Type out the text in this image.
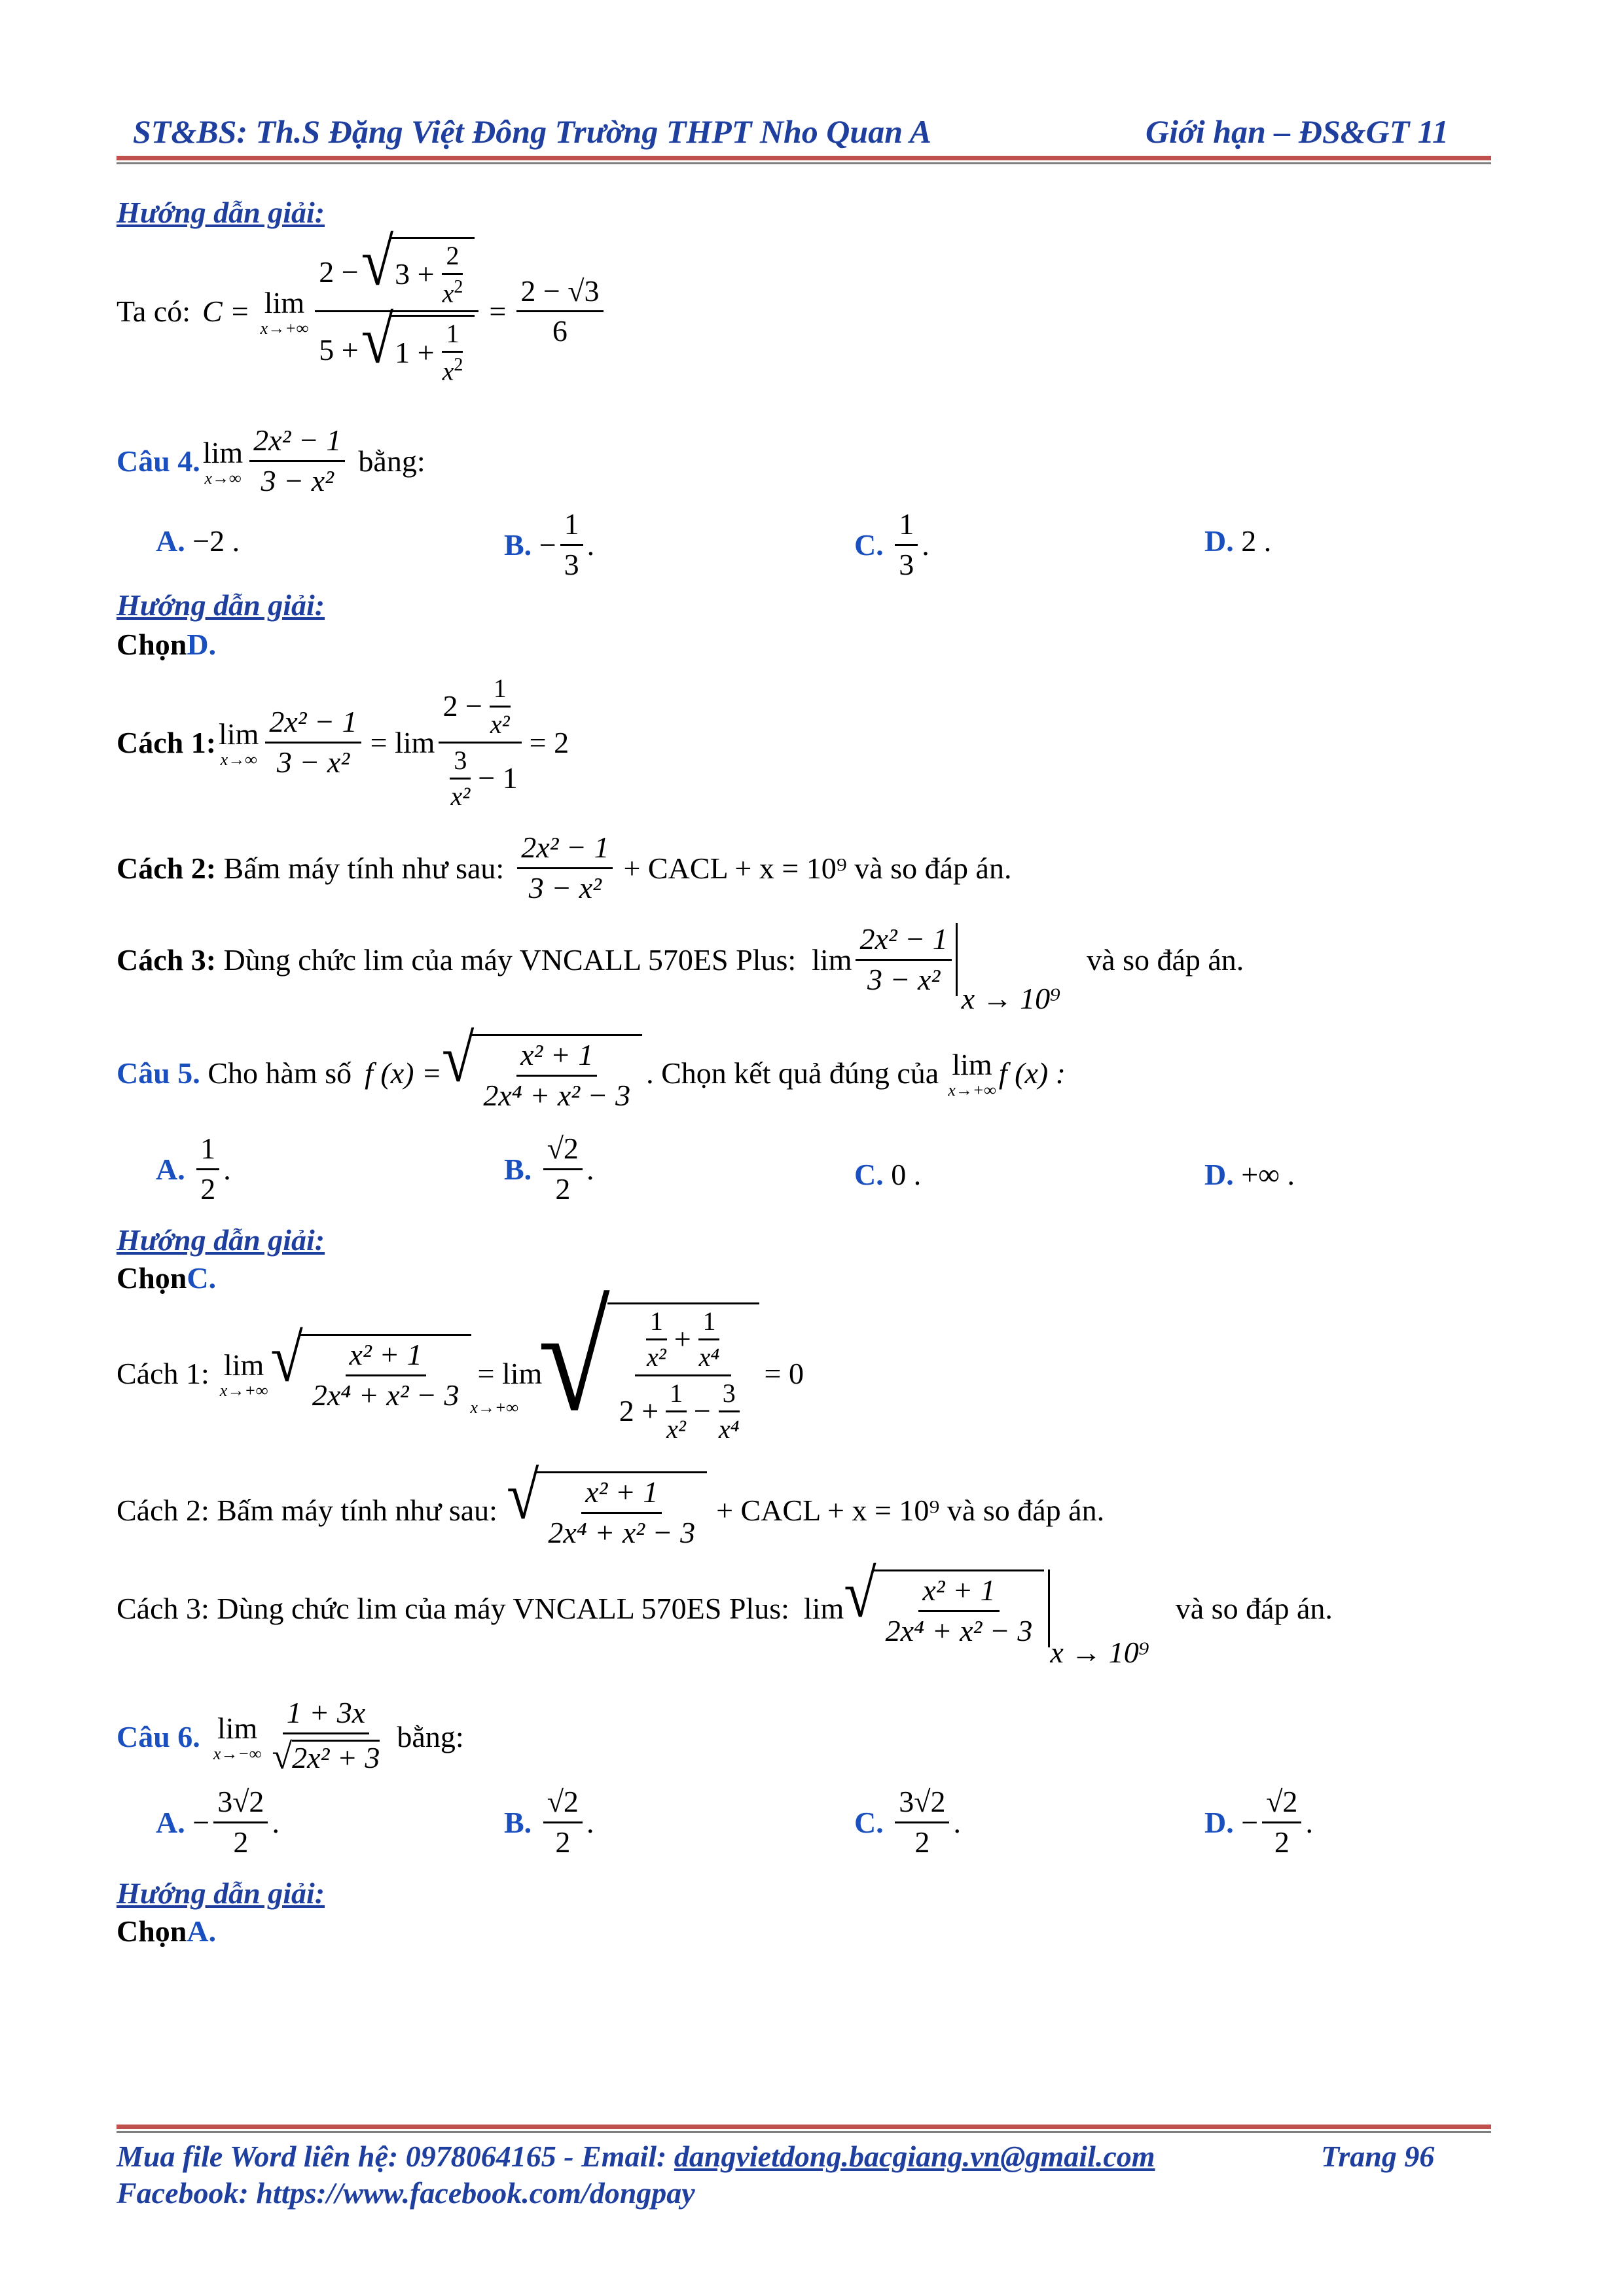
ST&BS: Th.S Đặng Việt Đông Trường THPT Nho Quan A	Giới hạn – ĐS&GT 11
Hướng dẫn giải:
Ta có: C = lim
$x\to+\infty \frac{2 - √ 3 + \frac{2}{x^2}}{5 + √ 1 + \frac{1}{x^2}} = \frac{2 - √3}{6}$
Câu 4. lim
$x\to\infty \frac{\text{2x² − 1}}{\text{3 − x²}}$ bằng:
A. −2 .	B.
− $\frac{1}{3}$ .	C.
$\frac{1}{3}$ .	D. 2 .
Hướng dẫn giải:
ChọnD.
Cách 1: lim
$x\to\infty \frac{\text{2x² − 1}}{\text{3 − x²}} = \lim \frac{2 - \frac{1}{\text{x²}}}{\frac{3}{\text{x²}} - 1} = 2$
Cách 2:
Bấm máy tính như sau: $\frac{\text{2x² − 1}}{\text{3 − x²}}$ + CACL + x = 10⁹ và so đáp án.
Cách 3:
Dùng chức lim của máy VNCALL 570ES Plus: $\lim \frac{\text{2x² − 1}}{\text{3 − x²}}$
x → 10⁹
và so đáp án.
Câu 5.
Cho hàm số f (x) = √ $\frac{\text{x² + 1}}{\text{2x⁴ + x² − 3}}$ . Chọn kết quả đúng của lim
x→+∞
f (x) :
A.
$\frac{1}{2}$ .	B.
$\frac{√2}{2}$ .	C. 0 .	D. +∞ .
Hướng dẫn giải:
ChọnC.
Cách 1: lim
x→+∞ √ $\frac{\text{x² + 1}}{\text{2x⁴ + x² − 3}} = \lim$
x→+∞ √ $\frac{\frac{1}{\text{x²}} + \frac{1}{\text{x⁴}}}{2 + \frac{1}{\text{x²}} - \frac{3}{\text{x⁴}}} = 0$
Cách 2:
Bấm máy tính như sau: √ $\frac{\text{x² + 1}}{\text{2x⁴ + x² − 3}}$ + CACL + x = 10⁹ và so đáp án.
Cách 3:
Dùng chức lim của máy VNCALL 570ES Plus: lim √ $\frac{\text{x² + 1}}{\text{2x⁴ + x² − 3}}$
x → 10⁹
và so đáp án.
Câu 6. lim
$x\to-\infty \frac{1 + 3x}{\text{√ 2x² + 3}}$ bằng:
A.
− $\frac{3√2}{2}$ .	B.
$\frac{√2}{2}$ .	C.
$\frac{3√2}{2}$ .	D.
− $\frac{√2}{2}$ .
Hướng dẫn giải:
ChọnA.
Mua file Word liên hệ: 0978064165 - Email: dangvietdong.bacgiang.vn@gmail.com	Trang 96
Facebook: https://www.facebook.com/dongpay
